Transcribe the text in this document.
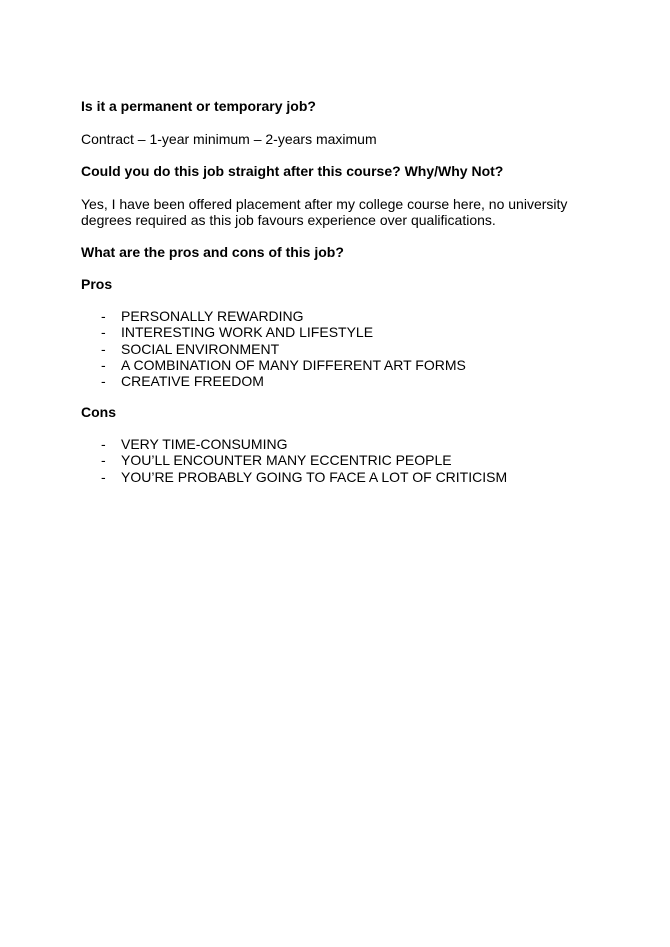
Is it a permanent or temporary job?

Contract – 1-year minimum – 2-years maximum

Could you do this job straight after this course? Why/Why Not?

Yes, I have been offered placement after my college course here, no university

degrees required as this job favours experience over qualifications.

What are the pros and cons of this job?

Pros

- PERSONALLY REWARDING
- INTERESTING WORK AND LIFESTYLE
- SOCIAL ENVIRONMENT
- A COMBINATION OF MANY DIFFERENT ART FORMS
- CREATIVE FREEDOM

Cons

- VERY TIME-CONSUMING
- YOU’LL ENCOUNTER MANY ECCENTRIC PEOPLE
- YOU’RE PROBABLY GOING TO FACE A LOT OF CRITICISM
